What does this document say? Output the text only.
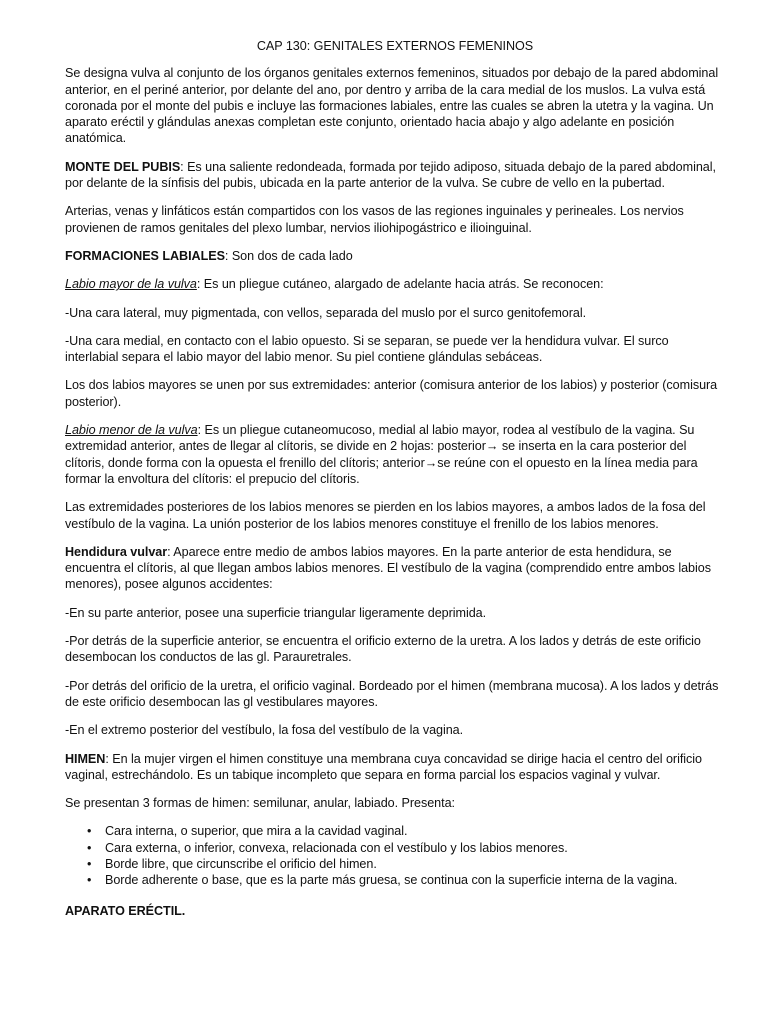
CAP 130: GENITALES EXTERNOS FEMENINOS

Se designa vulva al conjunto de los órganos genitales externos femeninos, situados por debajo de la pared abdominal anterior, en el periné anterior, por delante del ano, por dentro y arriba de la cara medial de los muslos. La vulva está coronada por el monte del pubis e incluye las formaciones labiales, entre las cuales se abren la utetra y la vagina. Un aparato eréctil y glándulas anexas completan este conjunto, orientado hacia abajo y algo adelante en posición anatómica.

MONTE DEL PUBIS: Es una saliente redondeada, formada por tejido adiposo, situada debajo de la pared abdominal, por delante de la sínfisis del pubis, ubicada en la parte anterior de la vulva. Se cubre de vello en la pubertad.

Arterias, venas y linfáticos están compartidos con los vasos de las regiones inguinales y perineales. Los nervios provienen de ramos genitales del plexo lumbar, nervios iliohipogástrico e ilioinguinal.

FORMACIONES LABIALES: Son dos de cada lado

Labio mayor de la vulva: Es un pliegue cutáneo, alargado de adelante hacia atrás. Se reconocen:

-Una cara lateral, muy pigmentada, con vellos, separada del muslo por el surco genitofemoral.

-Una cara medial, en contacto con el labio opuesto. Si se separan, se puede ver la hendidura vulvar. El surco interlabial separa el labio mayor del labio menor. Su piel contiene glándulas sebáceas.

Los dos labios mayores se unen por sus extremidades: anterior (comisura anterior de los labios) y posterior (comisura posterior).

Labio menor de la vulva: Es un pliegue cutaneomucoso, medial al labio mayor, rodea al vestíbulo de la vagina. Su extremidad anterior, antes de llegar al clítoris, se divide en 2 hojas: posterior→ se inserta en la cara posterior del clítoris, donde forma con la opuesta el frenillo del clítoris; anterior→se reúne con el opuesto en la línea media para formar la envoltura del clítoris: el prepucio del clítoris.

Las extremidades posteriores de los labios menores se pierden en los labios mayores, a ambos lados de la fosa del vestíbulo de la vagina. La unión posterior de los labios menores constituye el frenillo de los labios menores.

Hendidura vulvar: Aparece entre medio de ambos labios mayores. En la parte anterior de esta hendidura, se encuentra el clítoris, al que llegan ambos labios menores. El vestíbulo de la vagina (comprendido entre ambos labios menores), posee algunos accidentes:

-En su parte anterior, posee una superficie triangular ligeramente deprimida.

-Por detrás de la superficie anterior, se encuentra el orificio externo de la uretra. A los lados y detrás de este orificio desembocan los conductos de las gl. Parauretrales.

-Por detrás del orificio de la uretra, el orificio vaginal. Bordeado por el himen (membrana mucosa). A los lados y detrás de este orificio desembocan las gl vestibulares mayores.

-En el extremo posterior del vestíbulo, la fosa del vestíbulo de la vagina.

HIMEN: En la mujer virgen el himen constituye una membrana cuya concavidad se dirige hacia el centro del orificio vaginal, estrechándolo. Es un tabique incompleto que separa en forma parcial los espacios vaginal y vulvar.

Se presentan 3 formas de himen: semilunar, anular, labiado. Presenta:

• Cara interna, o superior, que mira a la cavidad vaginal.
• Cara externa, o inferior, convexa, relacionada con el vestíbulo y los labios menores.
• Borde libre, que circunscribe el orificio del himen.
• Borde adherente o base, que es la parte más gruesa, se continua con la superficie interna de la vagina.

APARATO ERÉCTIL.
